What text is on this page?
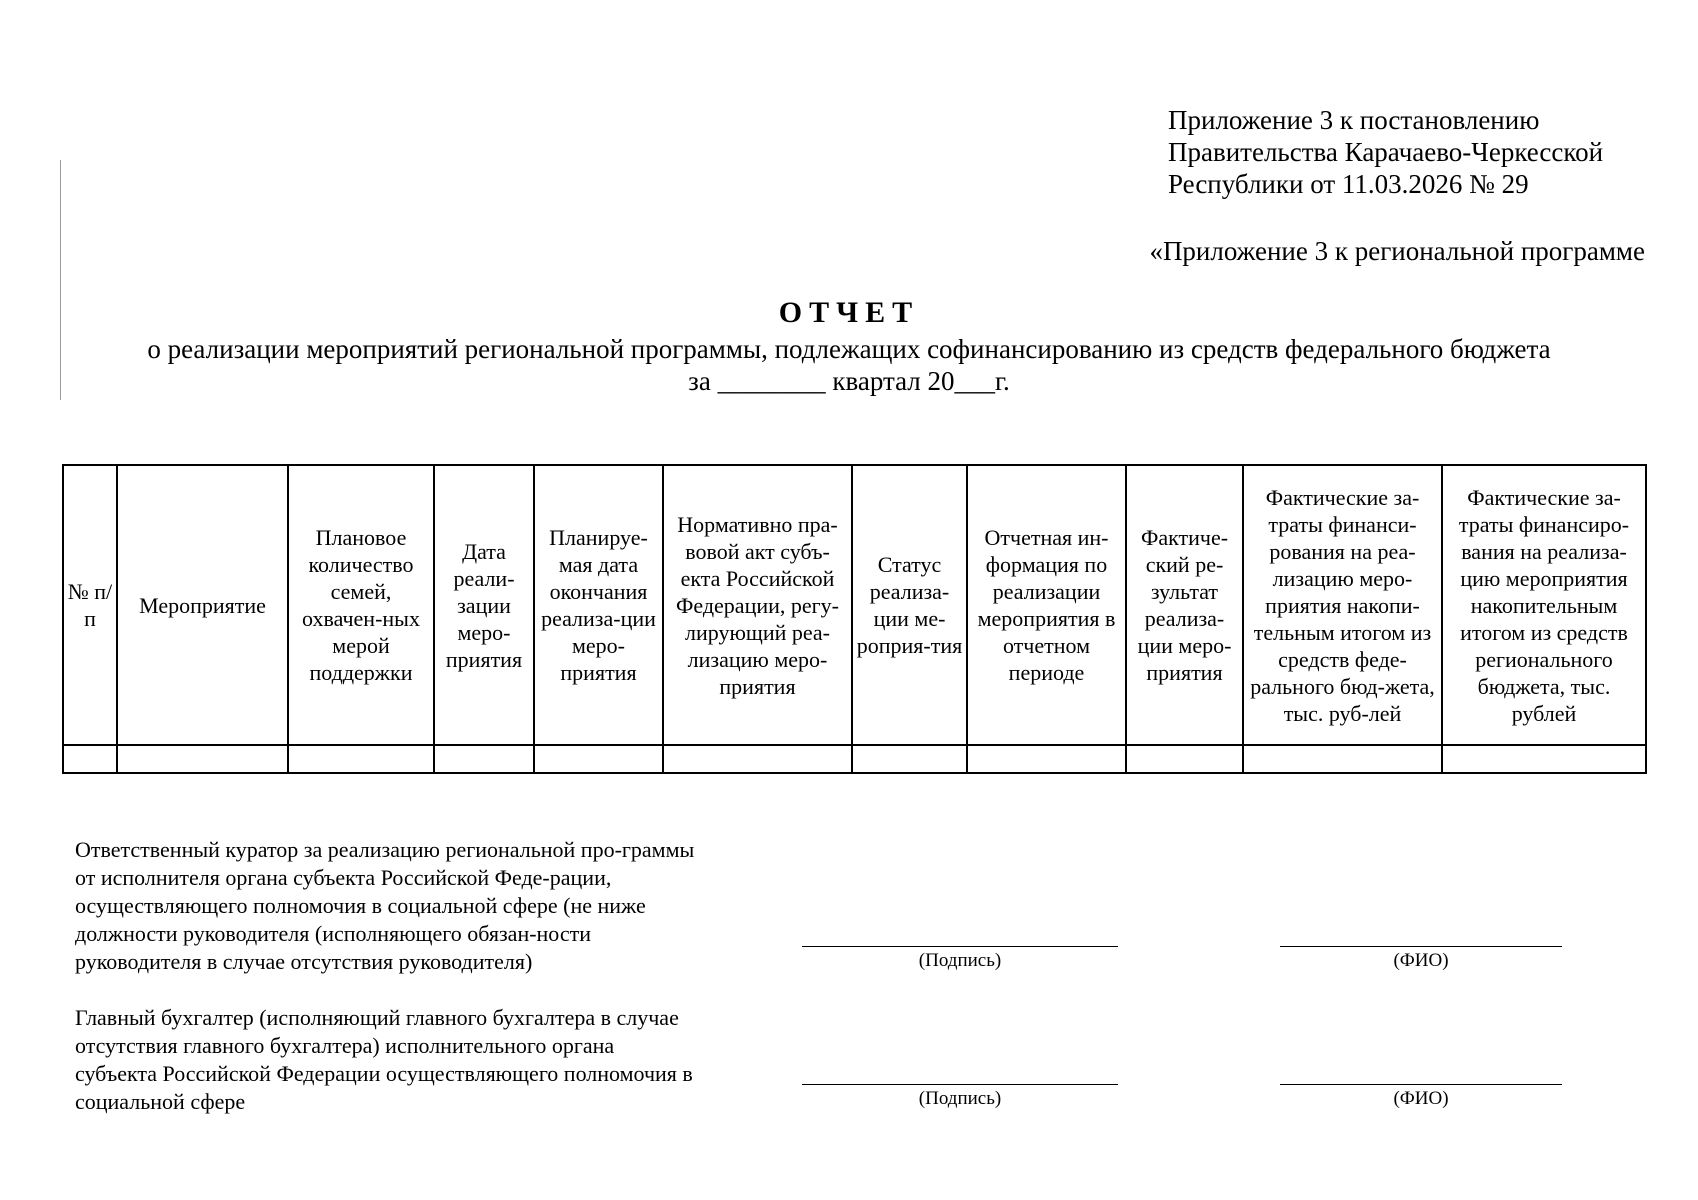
Приложение 3 к постановлению
Правительства Карачаево-Черкесской
Республики от 11.03.2026 № 29
«Приложение 3 к региональной программе
ОТЧЕТ
о реализации мероприятий региональной программы, подлежащих софинансированию из средств федерального бюджета
за ________ квартал 20___г.
№ п/п	Мероприятие	Плановое количество семей, охвачен-ных мерой поддержки	Дата реали-зации меро-приятия	Планируе-мая дата окончания реализа-ции меро-приятия	Нормативно пра-вовой акт субъ-екта Российской Федерации, регу-лирующий реа-лизацию меро-приятия	Статус реализа-ции ме-роприя-тия	Отчетная ин-формация по реализации мероприятия в отчетном периоде	Фактиче-ский ре-зультат реализа-ции меро-приятия	Фактические за-траты финанси-рования на реа-лизацию меро-приятия накопи-тельным итогом из средств феде-рального бюд-жета, тыс. руб-лей	Фактические за-траты финансиро-вания на реализа-цию мероприятия накопительным итогом из средств регионального бюджета, тыс. рублей

Ответственный куратор за реализацию региональной про-граммы от исполнителя органа субъекта Российской Феде-рации, осуществляющего полномочия в социальной сфере (не ниже должности руководителя (исполняющего обязан-ности руководителя в случае отсутствия руководителя)	(Подпись)	(ФИО)
Главный бухгалтер (исполняющий главного бухгалтера в случае отсутствия главного бухгалтера) исполнительного органа субъекта Российской Федерации осуществляющего полномочия в социальной сфере	(Подпись)	(ФИО)
